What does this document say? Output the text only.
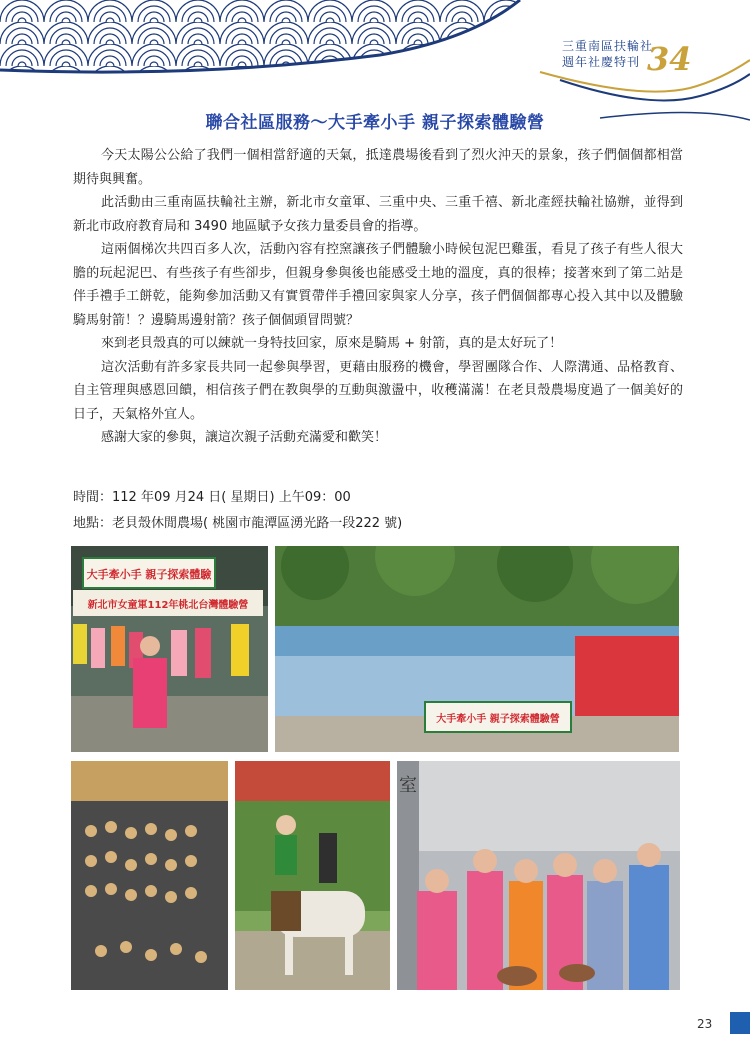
三重南區扶輪社
週年社慶特刊 34
聯合社區服務～大手牽小手 親子探索體驗營

今天太陽公公給了我們一個相當舒適的天氣，抵達農場後看到了烈火沖天的景象，孩子們個個都相當期待與興奮。

此活動由三重南區扶輪社主辦，新北市女童軍、三重中央、三重千禧、新北產經扶輪社協辦，並得到新北市政府教育局和 3490 地區賦予女孩力量委員會的指導。

這兩個梯次共四百多人次，活動內容有控窯讓孩子們體驗小時候包泥巴雞蛋，看見了孩子有些人很大膽的玩起泥巴、有些孩子有些卻步，但親身參與後也能感受土地的溫度，真的很棒；接著來到了第二站是伴手禮手工餅乾，能夠參加活動又有實質帶伴手禮回家與家人分享，孩子們個個都專心投入其中以及體驗騎馬射箭！？邊騎馬邊射箭？孩子個個頭冒問號？

來到老貝殼真的可以練就一身特技回家，原來是騎馬 + 射箭，真的是太好玩了！

這次活動有許多家長共同一起參與學習，更藉由服務的機會，學習團隊合作、人際溝通、品格教育、自主管理與感恩回饋，相信孩子們在教與學的互動與激盪中，收穫滿滿！在老貝殼農場度過了一個美好的日子，天氣格外宜人。

感謝大家的參與，讓這次親子活動充滿愛和歡笑！

時間：112 年09 月24 日( 星期日) 上午09：00
地點：老貝殼休閒農場( 桃園市龍潭區湧光路一段222 號)
大手牽小手 親子探索體驗
新北市女童軍112年桃北台灣體驗營
大手牽小手 親子探索體驗營
室
23
